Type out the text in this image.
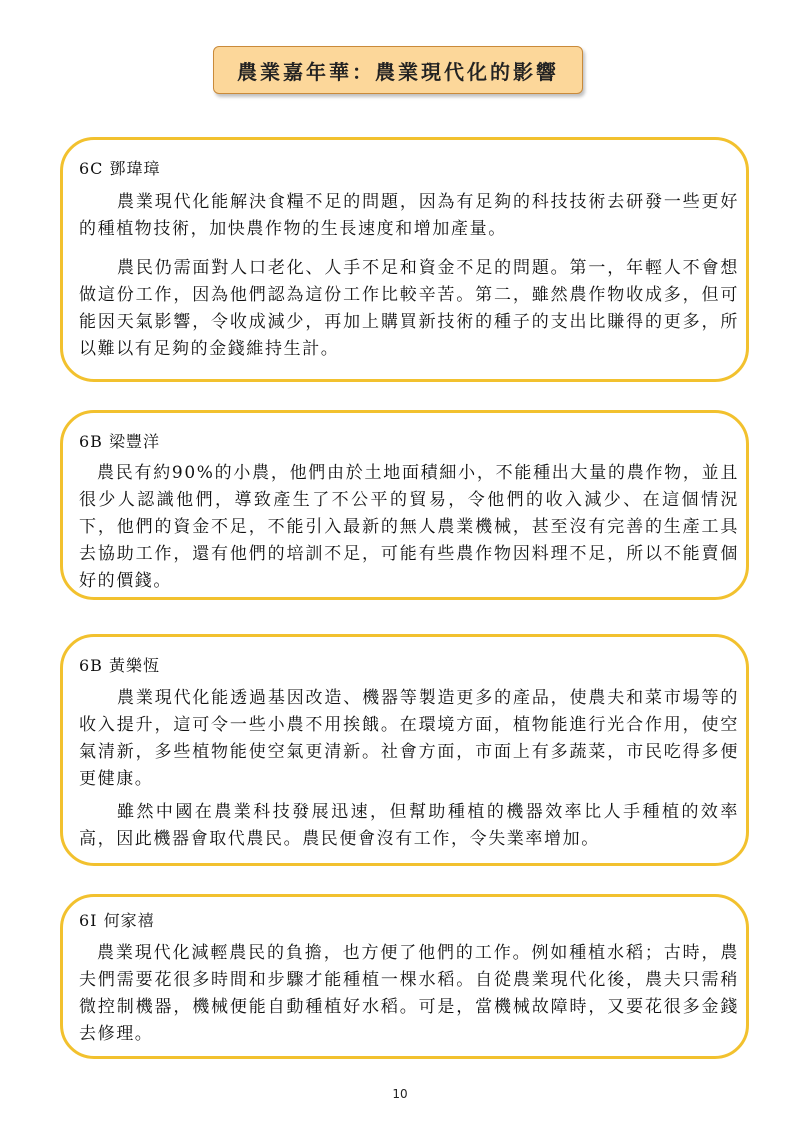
農業嘉年華：農業現代化的影響
6C 鄧瑋璋

農業現代化能解決食糧不足的問題，因為有足夠的科技技術去研發一些更好的種植物技術，加快農作物的生長速度和增加產量。

農民仍需面對人口老化、人手不足和資金不足的問題。第一，年輕人不會想做這份工作，因為他們認為這份工作比較辛苦。第二，雖然農作物收成多，但可能因天氣影響，令收成減少，再加上購買新技術的種子的支出比賺得的更多，所以難以有足夠的金錢維持生計。

6B 梁豐洋

農民有約90%的小農，他們由於土地面積細小，不能種出大量的農作物，並且很少人認識他們，導致產生了不公平的貿易，令他們的收入減少、在這個情況下，他們的資金不足，不能引入最新的無人農業機械，甚至沒有完善的生產工具去協助工作，還有他們的培訓不足，可能有些農作物因料理不足，所以不能賣個好的價錢。

6B 黃樂恆

農業現代化能透過基因改造、機器等製造更多的產品，使農夫和菜市場等的收入提升，這可令一些小農不用挨餓。在環境方面，植物能進行光合作用，使空氣清新，多些植物能使空氣更清新。社會方面，市面上有多蔬菜，市民吃得多便更健康。

雖然中國在農業科技發展迅速，但幫助種植的機器效率比人手種植的效率高，因此機器會取代農民。農民便會沒有工作，令失業率增加。

6I 何家禧

農業現代化減輕農民的負擔，也方便了他們的工作。例如種植水稻；古時，農夫們需要花很多時間和步驟才能種植一棵水稻。自從農業現代化後，農夫只需稍微控制機器，機械便能自動種植好水稻。可是，當機械故障時，又要花很多金錢去修理。

10
